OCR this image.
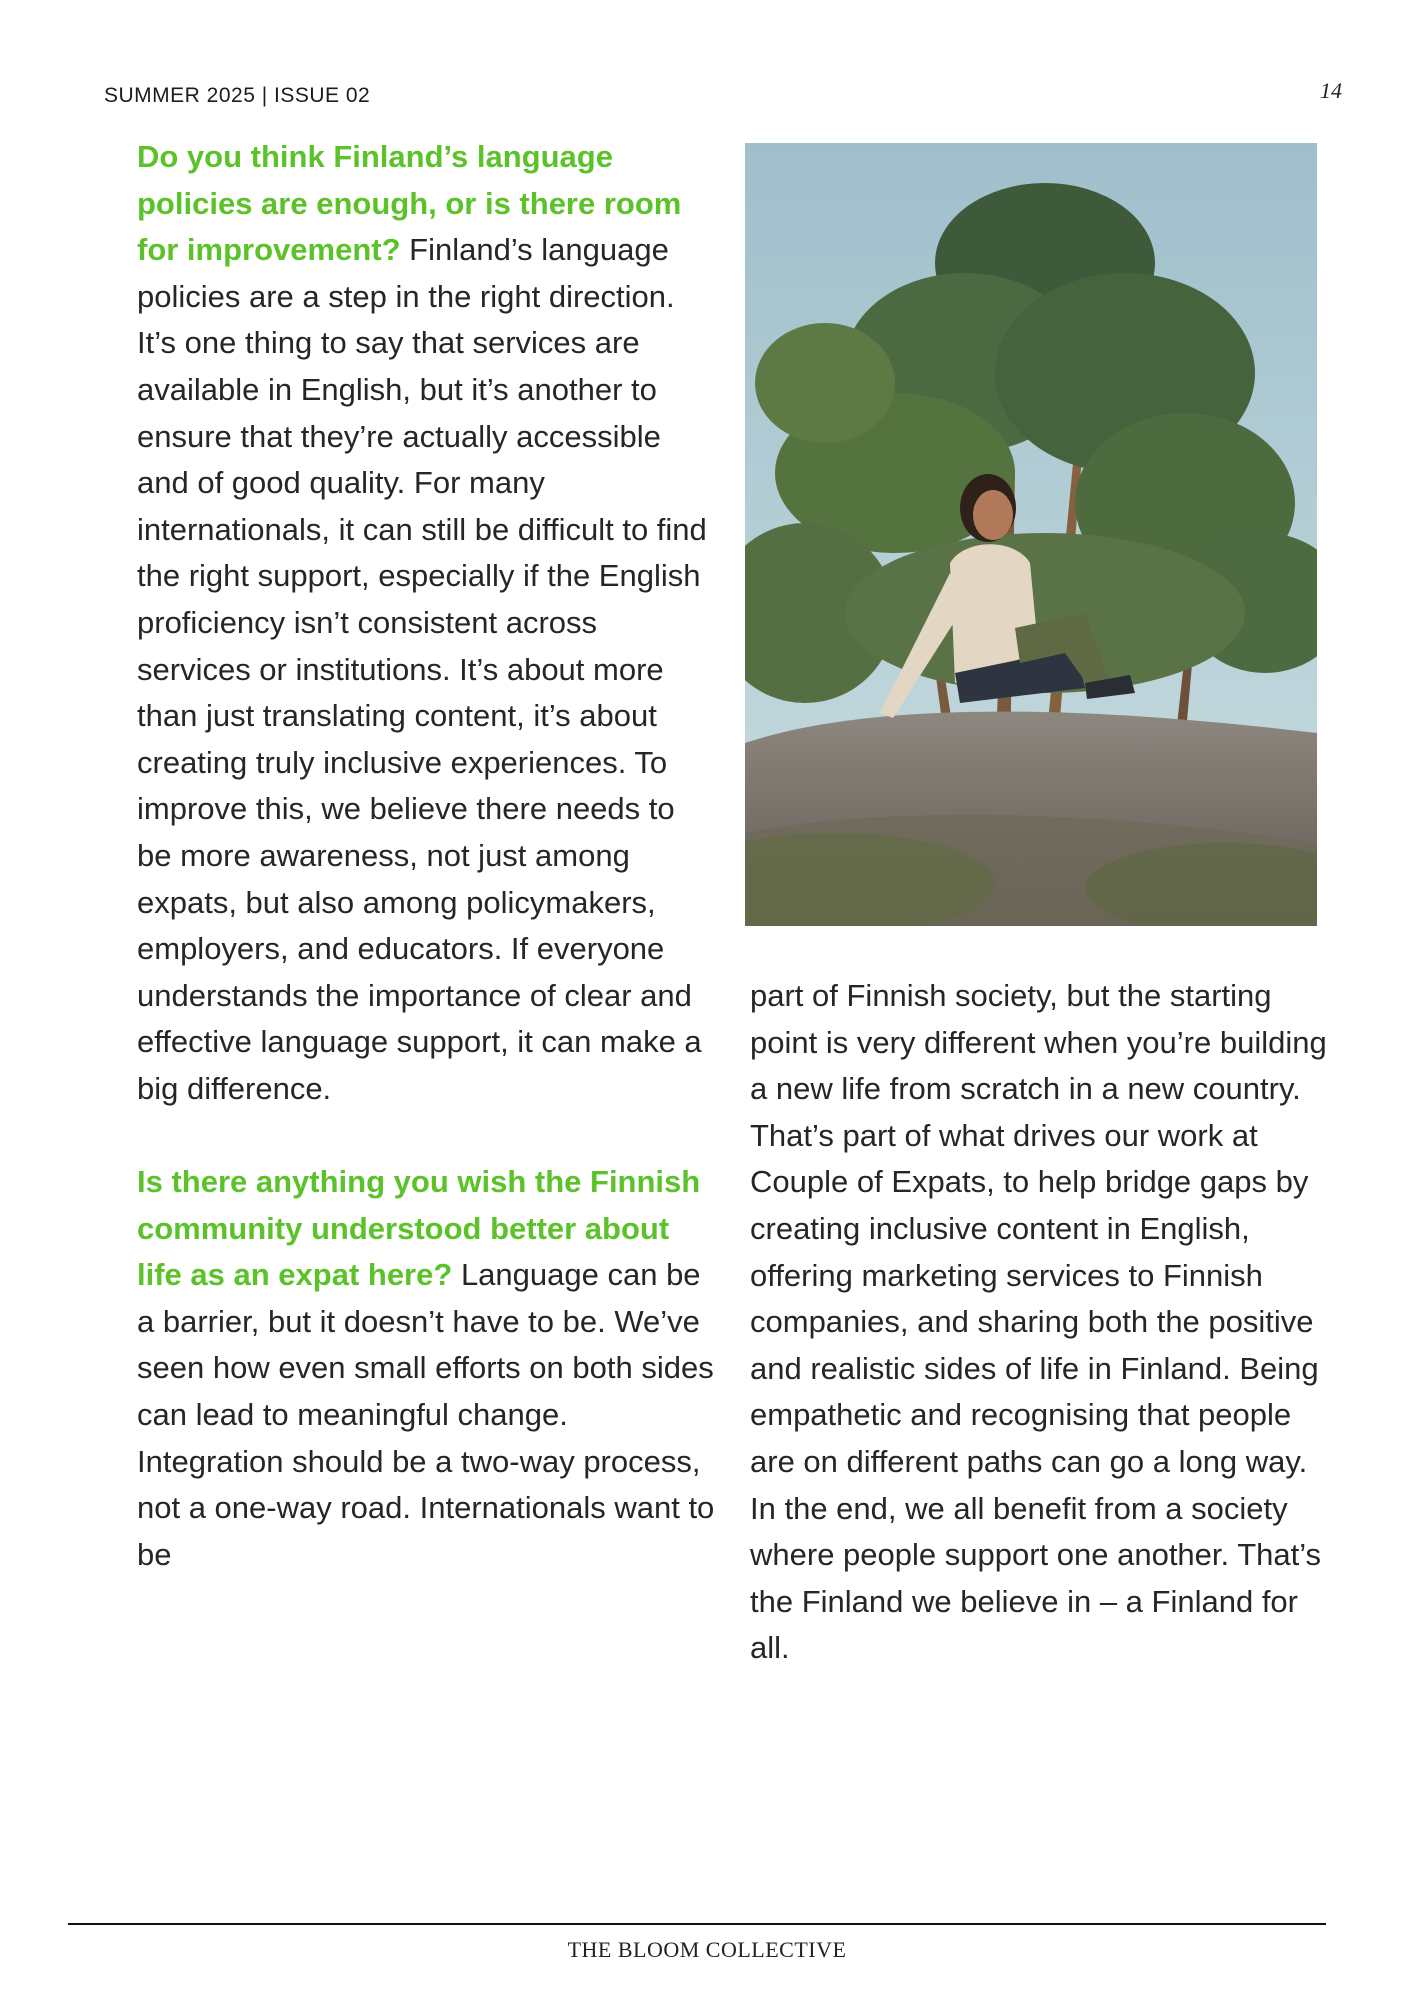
SUMMER 2025 | ISSUE 02	14

Do you think Finland’s language policies are enough, or is there room for improvement? Finland’s language policies are a step in the right direction. It’s one thing to say that services are available in English, but it’s another to ensure that they’re actually accessible and of good quality. For many internationals, it can still be difficult to find the right support, especially if the English proficiency isn’t consistent across services or institutions. It’s about more than just translating content, it’s about creating truly inclusive experiences. To improve this, we believe there needs to be more awareness, not just among expats, but also among policymakers, employers, and educators. If everyone understands the importance of clear and effective language support, it can make a big difference.

Is there anything you wish the Finnish community understood better about life as an expat here? Language can be a barrier, but it doesn’t have to be. We’ve seen how even small efforts on both sides can lead to meaningful change. Integration should be a two-way process, not a one-way road. Internationals want to be

part of Finnish society, but the starting point is very different when you’re building a new life from scratch in a new country. That’s part of what drives our work at Couple of Expats, to help bridge gaps by creating inclusive content in English, offering marketing services to Finnish companies, and sharing both the positive and realistic sides of life in Finland. Being empathetic and recognising that people are on different paths can go a long way. In the end, we all benefit from a society where people support one another. That’s the Finland we believe in – a Finland for all.

THE BLOOM COLLECTIVE
